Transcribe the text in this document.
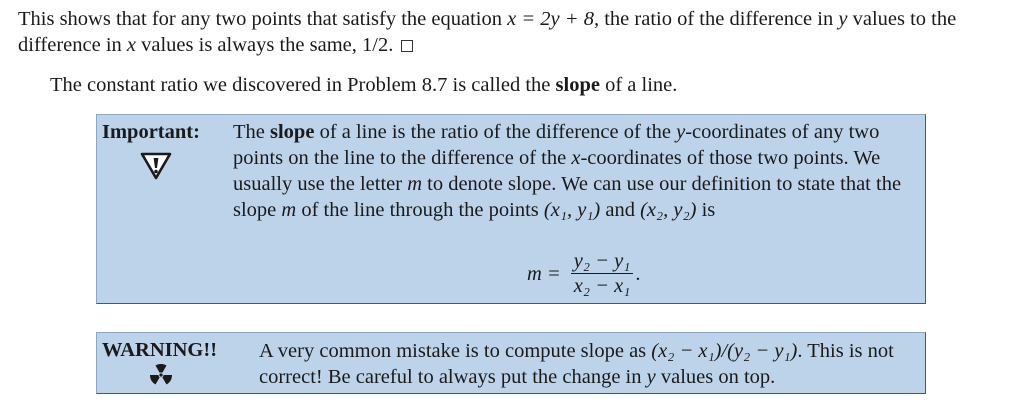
This shows that for any two points that satisfy the equation x = 2y + 8, the ratio of the difference in y values to the difference in x values is always the same, 1/2.
The constant ratio we discovered in Problem 8.7 is called the slope of a line.
Important: The slope of a line is the ratio of the difference of the y-coordinates of any two points on the line to the difference of the x-coordinates of those two points. We usually use the letter m to denote slope. We can use our definition to state that the slope m of the line through the points (x₁, y₁) and (x₂, y₂) is
$m = \frac{\text{y₂ − y₁}}{\text{x₂ − x₁}}$ .
WARNING!! A very common mistake is to compute slope as (x₂ − x₁)/(y₂ − y₁). This is not correct! Be careful to always put the change in y values on top.
